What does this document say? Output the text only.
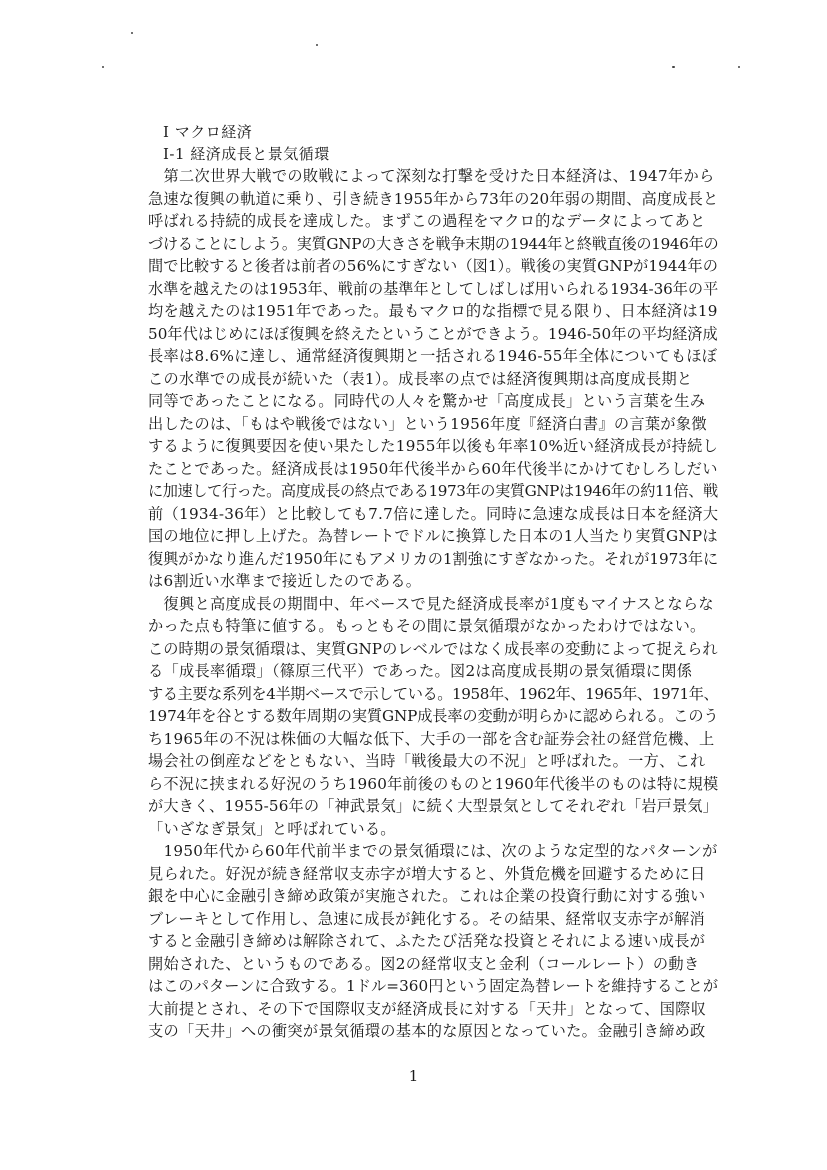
Ⅰ マクロ経済
Ⅰ-1 経済成長と景気循環
　第二次世界大戦での敗戦によって深刻な打撃を受けた日本経済は、1947年から
急速な復興の軌道に乗り、引き続き1955年から73年の20年弱の期間、高度成長と
呼ばれる持続的成長を達成した。まずこの過程をマクロ的なデータによってあと
づけることにしよう。実質GNPの大きさを戦争末期の1944年と終戦直後の1946年の
間で比較すると後者は前者の56%にすぎない（図1）。戦後の実質GNPが1944年の
水準を越えたのは1953年、戦前の基準年としてしばしば用いられる1934-36年の平
均を越えたのは1951年であった。最もマクロ的な指標で見る限り、日本経済は19
50年代はじめにほぼ復興を終えたということができよう。1946-50年の平均経済成
長率は8.6%に達し、通常経済復興期と一括される1946-55年全体についてもほぼ
この水準での成長が続いた（表1）。成長率の点では経済復興期は高度成長期と
同等であったことになる。同時代の人々を驚かせ「高度成長」という言葉を生み
出したのは、「もはや戦後ではない」という1956年度『経済白書』の言葉が象徴
するように復興要因を使い果たした1955年以後も年率10%近い経済成長が持続し
たことであった。経済成長は1950年代後半から60年代後半にかけてむしろしだい
に加速して行った。高度成長の終点である1973年の実質GNPは1946年の約11倍、戦
前（1934-36年）と比較しても7.7倍に達した。同時に急速な成長は日本を経済大
国の地位に押し上げた。為替レートでドルに換算した日本の1人当たり実質GNPは
復興がかなり進んだ1950年にもアメリカの1割強にすぎなかった。それが1973年に
は6割近い水準まで接近したのである。
　復興と高度成長の期間中、年ベースで見た経済成長率が1度もマイナスとならな
かった点も特筆に値する。もっともその間に景気循環がなかったわけではない。
この時期の景気循環は、実質GNPのレベルではなく成長率の変動によって捉えられ
る「成長率循環」（篠原三代平）であった。図2は高度成長期の景気循環に関係
する主要な系列を4半期ベースで示している。1958年、1962年、1965年、1971年、
1974年を谷とする数年周期の実質GNP成長率の変動が明らかに認められる。このう
ち1965年の不況は株価の大幅な低下、大手の一部を含む証券会社の経営危機、上
場会社の倒産などをともない、当時「戦後最大の不況」と呼ばれた。一方、これ
ら不況に挟まれる好況のうち1960年前後のものと1960年代後半のものは特に規模
が大きく、1955-56年の「神武景気」に続く大型景気としてそれぞれ「岩戸景気」
「いざなぎ景気」と呼ばれている。
　1950年代から60年代前半までの景気循環には、次のような定型的なパターンが
見られた。好況が続き経常収支赤字が増大すると、外貨危機を回避するために日
銀を中心に金融引き締め政策が実施された。これは企業の投資行動に対する強い
ブレーキとして作用し、急速に成長が鈍化する。その結果、経常収支赤字が解消
すると金融引き締めは解除されて、ふたたび活発な投資とそれによる速い成長が
開始された、というものである。図2の経常収支と金利（コールレート）の動き
はこのパターンに合致する。1ドル=360円という固定為替レートを維持することが
大前提とされ、その下で国際収支が経済成長に対する「天井」となって、国際収
支の「天井」への衝突が景気循環の基本的な原因となっていた。金融引き締め政
1
